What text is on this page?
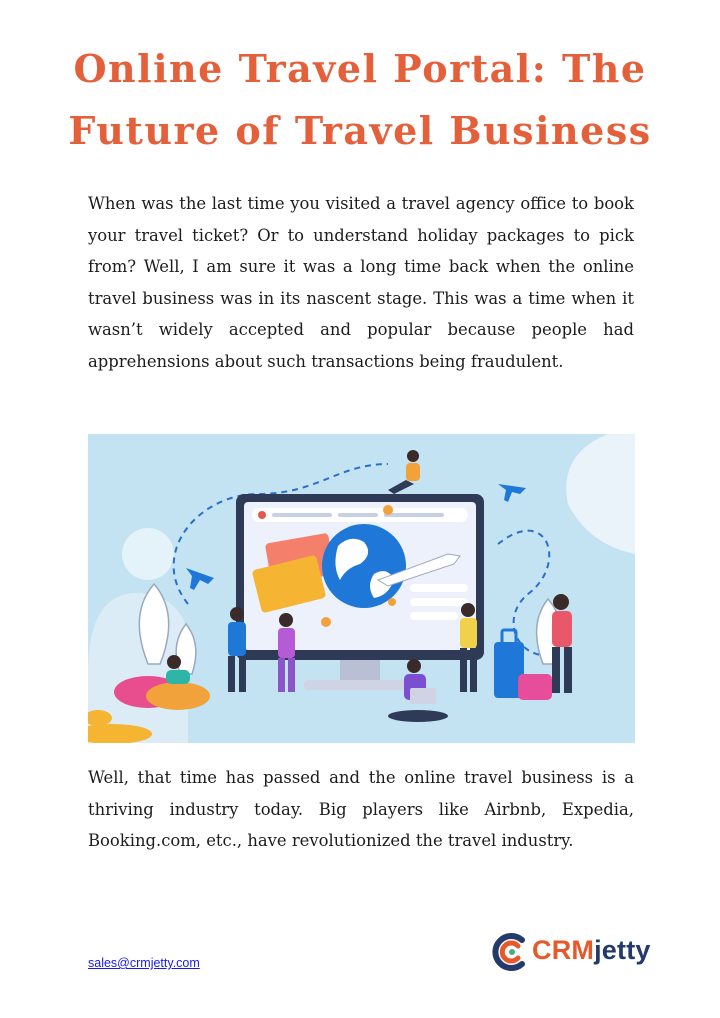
Online Travel Portal: The Future of Travel Business

When was the last time you visited a travel agency office to book your travel ticket? Or to understand holiday packages to pick from? Well, I am sure it was a long time back when the online travel business was in its nascent stage. This was a time when it wasn’t widely accepted and popular because people had apprehensions about such transactions being fraudulent.

Well, that time has passed and the online travel business is a thriving industry today. Big players like Airbnb, Expedia, Booking.com, etc., have revolutionized the travel industry.

sales@crmjetty.com	CRMjetty
